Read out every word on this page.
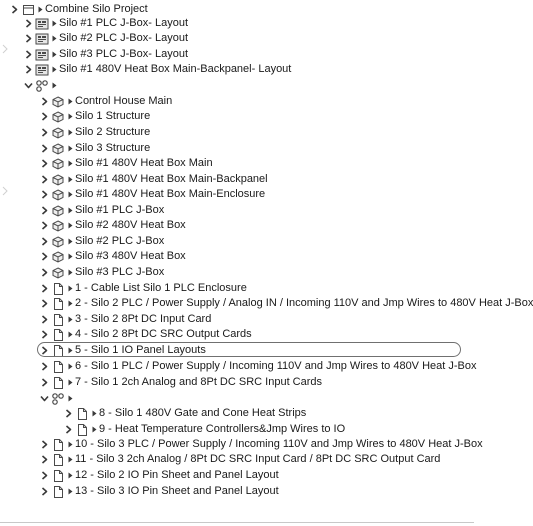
Combine Silo Project
Silo #1 PLC J-Box- Layout
Silo #2 PLC J-Box- Layout
Silo #3 PLC J-Box- Layout
Silo #1 480V Heat Box Main-Backpanel- Layout
Control House Main
Silo 1 Structure
Silo 2 Structure
Silo 3 Structure
Silo #1 480V Heat Box Main
Silo #1 480V Heat Box Main-Backpanel
Silo #1 480V Heat Box Main-Enclosure
Silo #1 PLC J-Box
Silo #2 480V Heat Box
Silo #2 PLC J-Box
Silo #3 480V Heat Box
Silo #3 PLC J-Box
1 - Cable List Silo 1 PLC Enclosure
2 - Silo 2 PLC / Power Supply / Analog IN / Incoming 110V and Jmp Wires to 480V Heat J-Box
3 - Silo 2 8Pt DC Input Card
4 - Silo 2 8Pt DC SRC Output Cards
5 - Silo 1 IO Panel Layouts
6 - Silo 1 PLC / Power Supply / Incoming 110V and Jmp Wires to 480V Heat J-Box
7 - Silo 1 2ch Analog and 8Pt DC SRC Input Cards
8 - Silo 1 480V Gate and Cone Heat Strips
9 - Heat Temperature Controllers&Jmp Wires to IO
10 - Silo 3 PLC / Power Supply / Incoming 110V and Jmp Wires to 480V Heat J-Box
11 - Silo 3 2ch Analog / 8Pt DC SRC Input Card / 8Pt DC SRC Output Card
12 - Silo 2 IO Pin Sheet and Panel Layout
13 - Silo 3 IO Pin Sheet and Panel Layout
